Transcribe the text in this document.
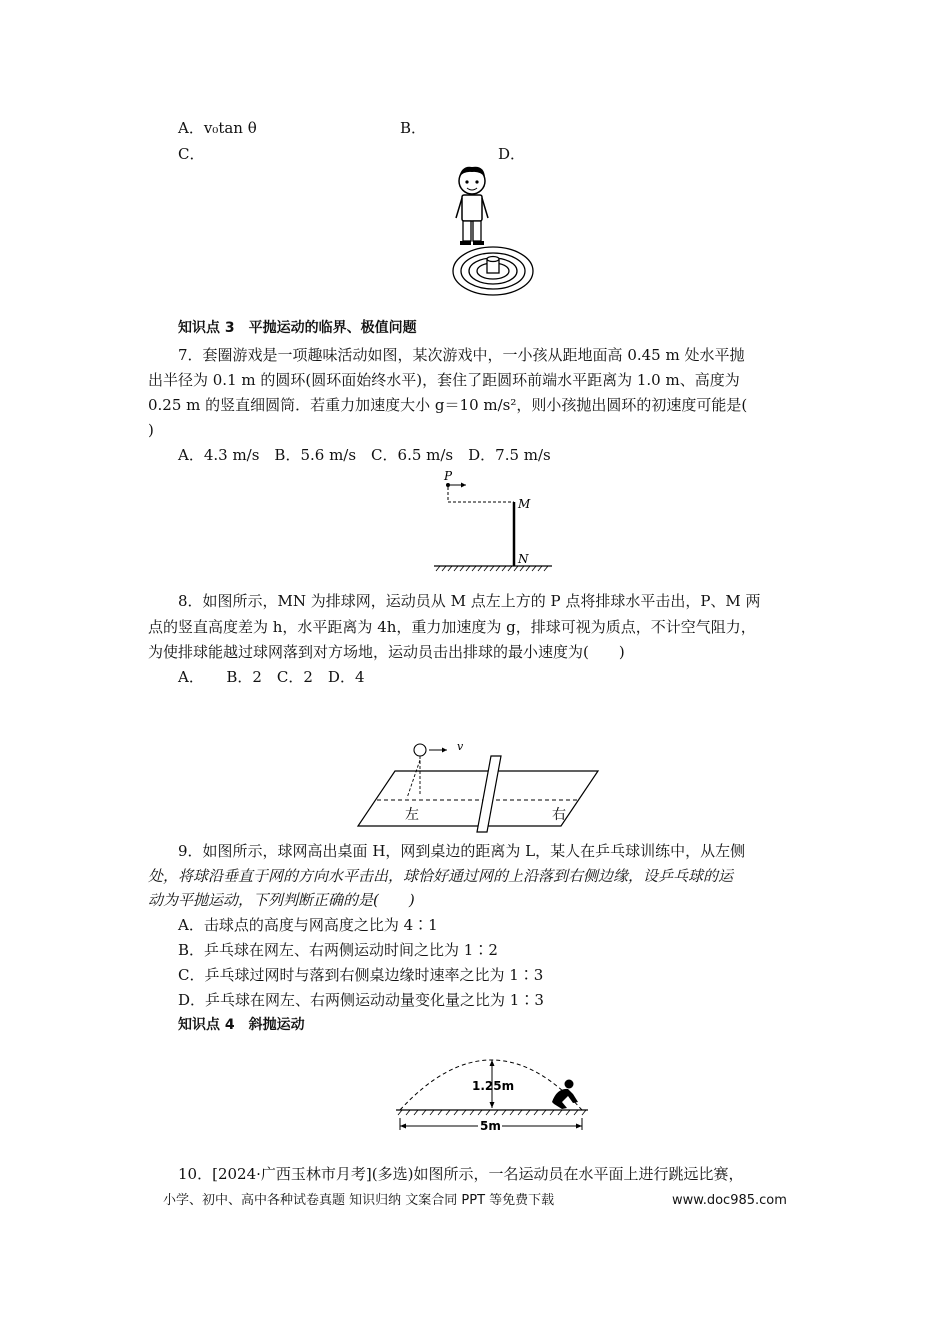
A．v₀tan θ	B．
C．	D．
知识点 3　平抛运动的临界、极值问题
7．套圈游戏是一项趣味活动如图，某次游戏中，一小孩从距地面高 0.45 m 处水平抛
出半径为 0.1 m 的圆环(圆环面始终水平)，套住了距圆环前端水平距离为 1.0 m、高度为
0.25 m 的竖直细圆筒．若重力加速度大小 g＝10 m/s²，则小孩抛出圆环的初速度可能是(
)
A．4.3 m/s　B．5.6 m/s　C．6.5 m/s　D．7.5 m/s
P
M
N
8．如图所示，MN 为排球网，运动员从 M 点左上方的 P 点将排球水平击出，P、M 两
点的竖直高度差为 h，水平距离为 4h，重力加速度为 g，排球可视为质点，不计空气阻力，
为使排球能越过球网落到对方场地，运动员击出排球的最小速度为(　　)
A．　　B．2　C．2　D．4
v
左	右
9．如图所示，球网高出桌面 H，网到桌边的距离为 L，某人在乒乓球训练中，从左侧
处，将球沿垂直于网的方向水平击出，球恰好通过网的上沿落到右侧边缘，设乒乓球的运
动为平抛运动，下列判断正确的是(　　)
A．击球点的高度与网高度之比为 4∶1
B．乒乓球在网左、右两侧运动时间之比为 1∶2
C．乒乓球过网时与落到右侧桌边缘时速率之比为 1∶3
D．乒乓球在网左、右两侧运动动量变化量之比为 1∶3
知识点 4　斜抛运动
1.25m
5m
10．[2024·广西玉林市月考](多选)如图所示，一名运动员在水平面上进行跳远比赛，
小学、初中、高中各种试卷真题 知识归纳 文案合同 PPT 等免费下载	www.doc985.com
